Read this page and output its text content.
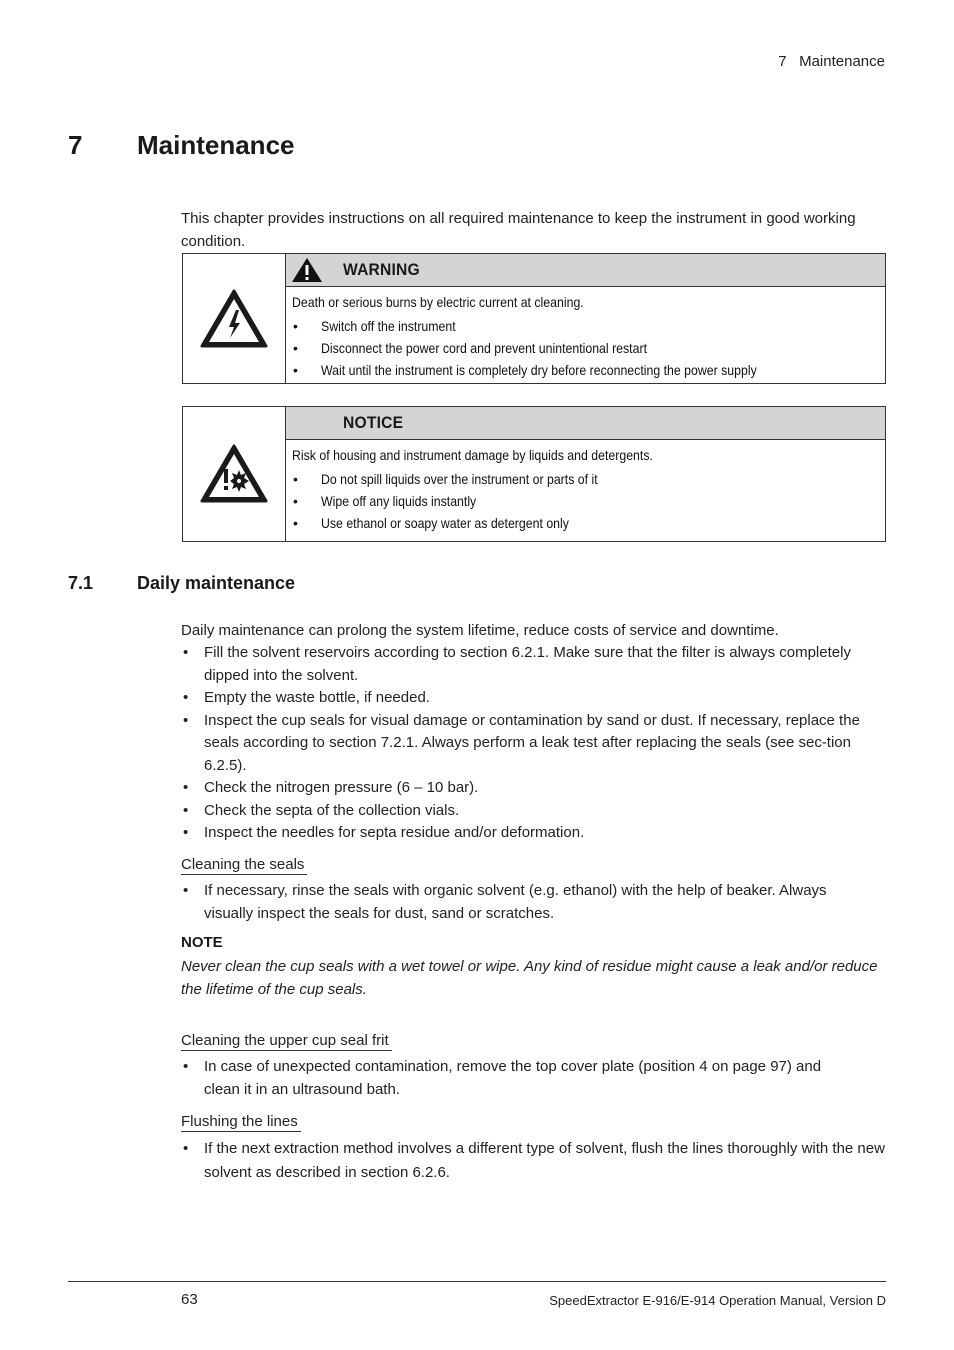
7   Maintenance
7 Maintenance
This chapter provides instructions on all required maintenance to keep the instrument in good working condition.
WARNING
Death or serious burns by electric current at cleaning.
• Switch off the instrument
• Disconnect the power cord and prevent unintentional restart
• Wait until the instrument is completely dry before reconnecting the power supply
NOTICE
Risk of housing and instrument damage by liquids and detergents.
• Do not spill liquids over the instrument or parts of it
• Wipe off any liquids instantly
• Use ethanol or soapy water as detergent only
7.1 Daily maintenance
Daily maintenance can prolong the system lifetime, reduce costs of service and downtime.
• Fill the solvent reservoirs according to section 6.2.1. Make sure that the filter is always completely dipped into the solvent.
• Empty the waste bottle, if needed.
• Inspect the cup seals for visual damage or contamination by sand or dust. If necessary, replace the seals according to section 7.2.1. Always perform a leak test after replacing the seals (see sec-tion 6.2.5).
• Check the nitrogen pressure (6 – 10 bar).
• Check the septa of the collection vials.
• Inspect the needles for septa residue and/or deformation.
Cleaning the seals
• If necessary, rinse the seals with organic solvent (e.g. ethanol) with the help of beaker. Always visually inspect the seals for dust, sand or scratches.
NOTE
Never clean the cup seals with a wet towel or wipe. Any kind of residue might cause a leak and/or reduce the lifetime of the cup seals.
Cleaning the upper cup seal frit
• In case of unexpected contamination, remove the top cover plate (position 4 on page 97) and clean it in an ultrasound bath.
Flushing the lines
• If the next extraction method involves a different type of solvent, flush the lines thoroughly with the new solvent as described in section 6.2.6.
63	SpeedExtractor E-916/E-914 Operation Manual, Version D
